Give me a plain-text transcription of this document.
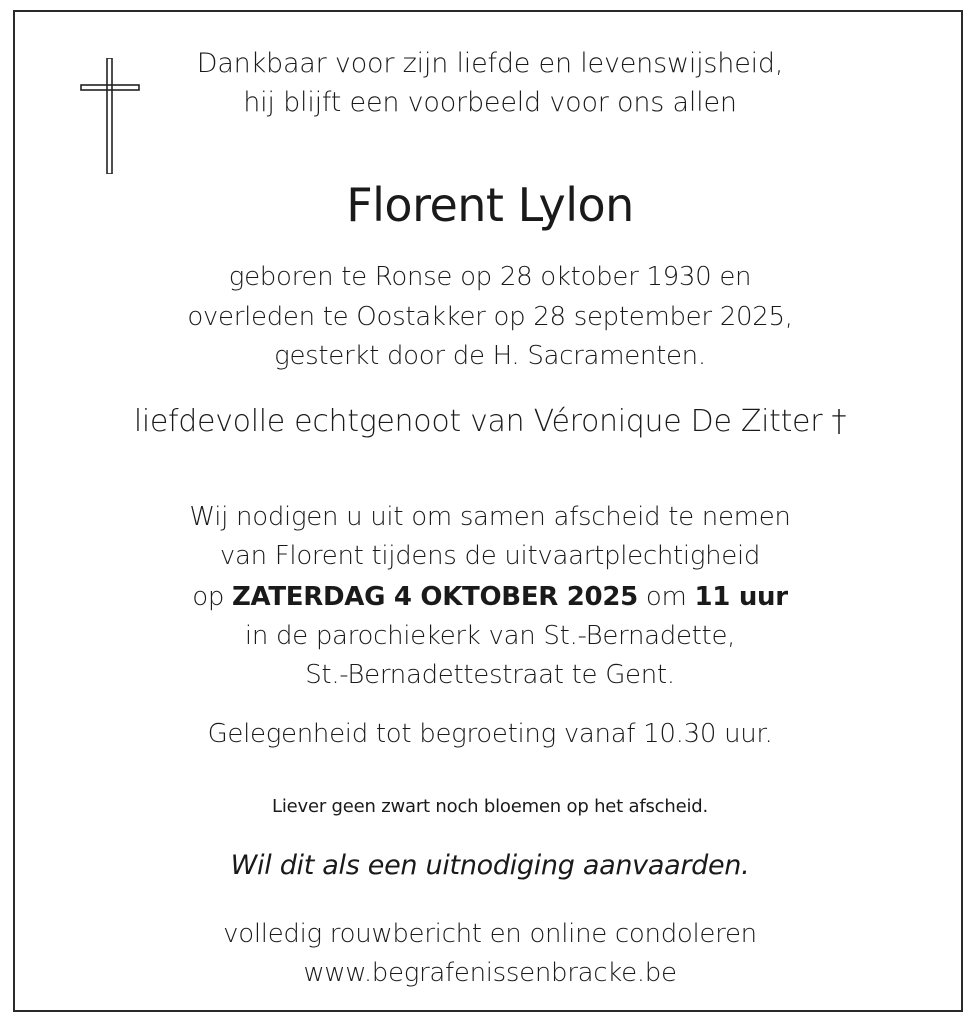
Dankbaar voor zijn liefde en levenswijsheid,
hij blijft een voorbeeld voor ons allen
Florent Lylon
geboren te Ronse op 28 oktober 1930 en
overleden te Oostakker op 28 september 2025,
gesterkt door de H. Sacramenten.
liefdevolle echtgenoot van Véronique De Zitter †
Wij nodigen u uit om samen afscheid te nemen
van Florent tijdens de uitvaartplechtigheid
op ZATERDAG 4 OKTOBER 2025 om 11 uur
in de parochiekerk van St.-Bernadette,
St.-Bernadettestraat te Gent.
Gelegenheid tot begroeting vanaf 10.30 uur.
Liever geen zwart noch bloemen op het afscheid.
Wil dit als een uitnodiging aanvaarden.
volledig rouwbericht en online condoleren
www.begrafenissenbracke.be
